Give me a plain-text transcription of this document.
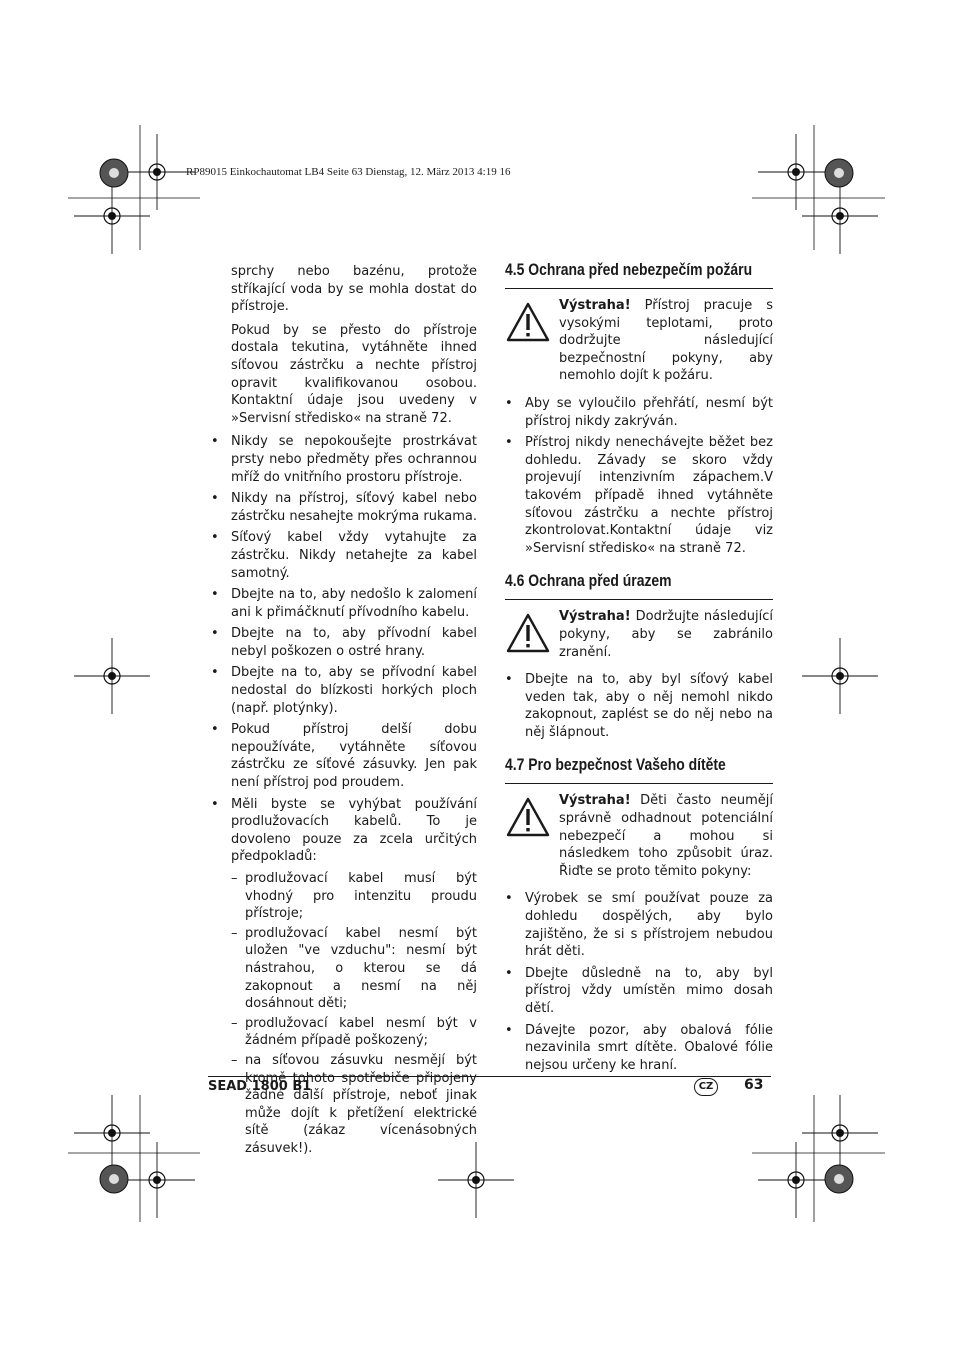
RP89015 Einkochautomat LB4 Seite 63 Dienstag, 12. März 2013 4:19 16

sprchy nebo bazénu, protože stříkající voda by se mohla dostat do přístroje.

Pokud by se přesto do přístroje dostala tekutina, vytáhněte ihned síťovou zástrčku a nechte přístroj opravit kvalifikovanou osobou. Kontaktní údaje jsou uvedeny v »Servisní středisko« na straně 72.

• Nikdy se nepokoušejte prostrkávat prsty nebo předměty přes ochrannou mříž do vnitřního prostoru přístroje.

• Nikdy na přístroj, síťový kabel nebo zástrčku nesahejte mokrýma rukama.

• Síťový kabel vždy vytahujte za zástrčku. Nikdy netahejte za kabel samotný.

• Dbejte na to, aby nedošlo k zalomení ani k přimáčknutí přívodního kabelu.

• Dbejte na to, aby přívodní kabel nebyl poškozen o ostré hrany.

• Dbejte na to, aby se přívodní kabel nedostal do blízkosti horkých ploch (např. plotýnky).

• Pokud přístroj delší dobu nepoužíváte, vytáhněte síťovou zástrčku ze síťové zásuvky. Jen pak není přístroj pod proudem.

• Měli byste se vyhýbat používání prodlužovacích kabelů. To je dovoleno pouze za zcela určitých předpokladů:

– prodlužovací kabel musí být vhodný pro intenzitu proudu přístroje;

– prodlužovací kabel nesmí být uložen "ve vzduchu": nesmí být nástrahou, o kterou se dá zakopnout a nesmí na něj dosáhnout děti;

– prodlužovací kabel nesmí být v žádném případě poškozený;

– na síťovou zásuvku nesmějí být kromě tohoto spotřebiče připojeny žádné další přístroje, neboť jinak může dojít k přetížení elektrické sítě (zákaz vícenásobných zásuvek!).

4.5 Ochrana před nebezpečím požáru

Výstraha! Přístroj pracuje s vysokými teplotami, proto dodržujte následující bezpečnostní pokyny, aby nemohlo dojít k požáru.

• Aby se vyloučilo přehřátí, nesmí být přístroj nikdy zakrýván.

• Přístroj nikdy nenechávejte běžet bez dohledu. Závady se skoro vždy projevují intenzivním zápachem.V takovém případě ihned vytáhněte síťovou zástrčku a nechte přístroj zkontrolovat.Kontaktní údaje viz »Servisní středisko« na straně 72.

4.6 Ochrana před úrazem

Výstraha! Dodržujte následující pokyny, aby se zabránilo zranění.

• Dbejte na to, aby byl síťový kabel veden tak, aby o něj nemohl nikdo zakopnout, zaplést se do něj nebo na něj šlápnout.

4.7 Pro bezpečnost Vašeho dítěte

Výstraha! Děti často neumějí správně odhadnout potenciální nebezpečí a mohou si následkem toho způsobit úraz. Řiďte se proto těmito pokyny:

• Výrobek se smí používat pouze za dohledu dospělých, aby bylo zajištěno, že si s přístrojem nebudou hrát děti.

• Dbejte důsledně na to, aby byl přístroj vždy umístěn mimo dosah dětí.

• Dávejte pozor, aby obalová fólie nezavinila smrt dítěte. Obalové fólie nejsou určeny ke hraní.

SEAD 1800 B1	CZ	63
